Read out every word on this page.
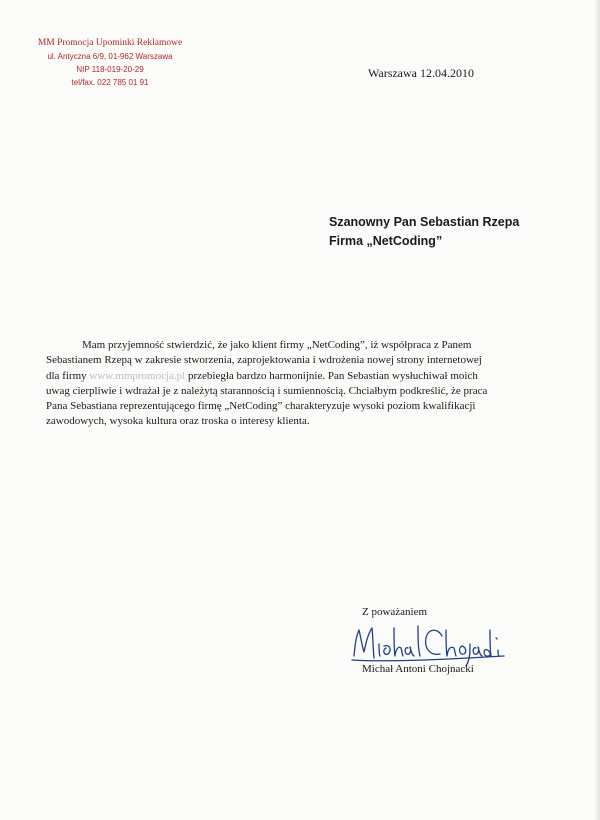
MM Promocja Upominki Reklamowe
ul. Antyczna 6/9, 01-962 Warszawa
NIP 118-019-20-29
tel/fax. 022 785 01 91
Warszawa 12.04.2010
Szanowny Pan Sebastian Rzepa
Firma „NetCoding”
Mam przyjemność stwierdzić, że jako klient firmy „NetCoding”, iż współpraca z Panem
Sebastianem Rzepą w zakresie stworzenia, zaprojektowania i wdrożenia nowej strony internetowej
dla firmy www.mmpromocja.pl przebiegła bardzo harmonijnie. Pan Sebastian wysłuchiwał moich
uwag cierpliwie i wdrażał je z należytą starannością i sumiennością. Chciałbym podkreślić, że praca
Pana Sebastiana reprezentującego firmę „NetCoding” charakteryzuje wysoki poziom kwalifikacji
zawodowych, wysoka kultura oraz troska o interesy klienta.
Z poważaniem
Michał Antoni Chojnacki
